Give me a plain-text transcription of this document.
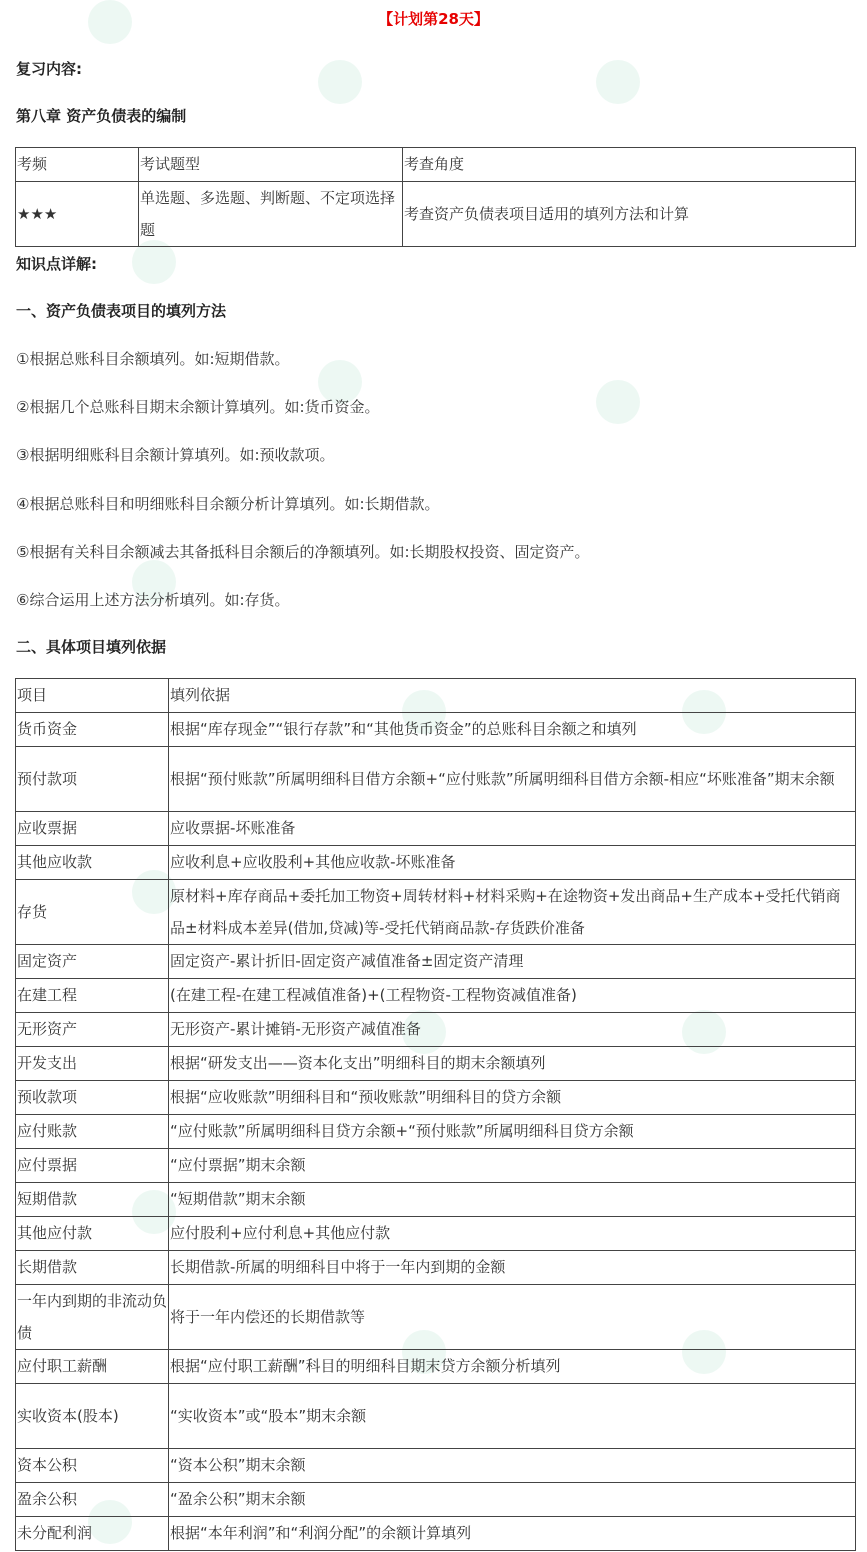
【计划第28天】
复习内容:
第八章 资产负债表的编制
考频	考试题型	考查角度
★★★	单选题、多选题、判断题、不定项选择题	考查资产负债表项目适用的填列方法和计算
知识点详解:
一、资产负债表项目的填列方法
①根据总账科目余额填列。如:短期借款。
②根据几个总账科目期末余额计算填列。如:货币资金。
③根据明细账科目余额计算填列。如:预收款项。
④根据总账科目和明细账科目余额分析计算填列。如:长期借款。
⑤根据有关科目余额减去其备抵科目余额后的净额填列。如:长期股权投资、固定资产。
⑥综合运用上述方法分析填列。如:存货。
二、具体项目填列依据
项目	填列依据
货币资金	根据“库存现金”“银行存款”和“其他货币资金”的总账科目余额之和填列
预付款项	根据“预付账款”所属明细科目借方余额+“应付账款”所属明细科目借方余额-相应“坏账准备”期末余额
应收票据	应收票据-坏账准备
其他应收款	应收利息+应收股利+其他应收款-坏账准备
存货	原材料+库存商品+委托加工物资+周转材料+材料采购+在途物资+发出商品+生产成本+受托代销商品±材料成本差异(借加,贷减)等-受托代销商品款-存货跌价准备
固定资产	固定资产-累计折旧-固定资产减值准备±固定资产清理
在建工程	(在建工程-在建工程减值准备)+(工程物资-工程物资减值准备)
无形资产	无形资产-累计摊销-无形资产减值准备
开发支出	根据“研发支出——资本化支出”明细科目的期末余额填列
预收款项	根据“应收账款”明细科目和“预收账款”明细科目的贷方余额
应付账款	“应付账款”所属明细科目贷方余额+“预付账款”所属明细科目贷方余额
应付票据	“应付票据”期末余额
短期借款	“短期借款”期末余额
其他应付款	应付股利+应付利息+其他应付款
长期借款	长期借款-所属的明细科目中将于一年内到期的金额
一年内到期的非流动负债	将于一年内偿还的长期借款等
应付职工薪酬	根据“应付职工薪酬”科目的明细科目期末贷方余额分析填列
实收资本(股本)	“实收资本”或“股本”期末余额
资本公积	“资本公积”期末余额
盈余公积	“盈余公积”期末余额
未分配利润	根据“本年利润”和“利润分配”的余额计算填列
